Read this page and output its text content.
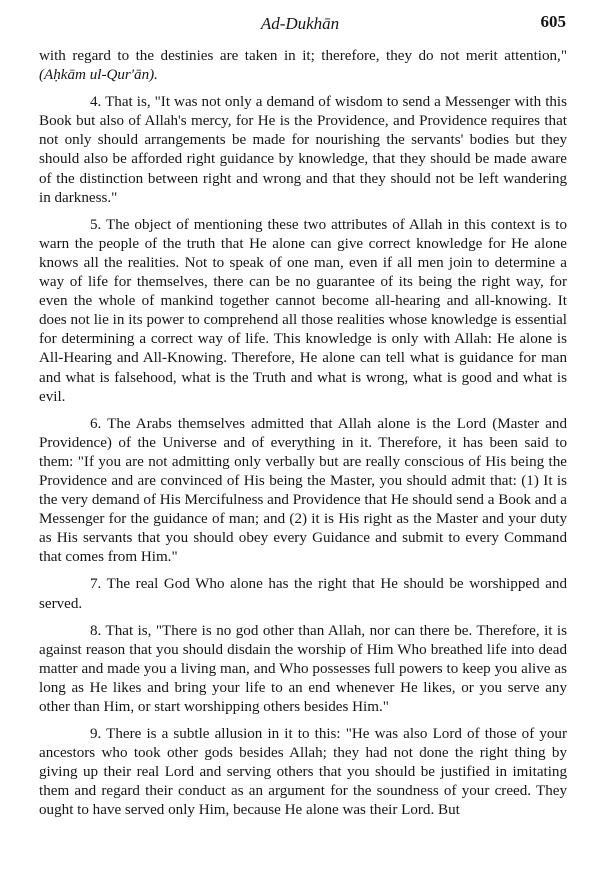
Ad-Dukhān	605

with regard to the destinies are taken in it; therefore, they do not merit attention," (Aḥkām ul-Qur'ān).

4. That is, "It was not only a demand of wisdom to send a Messenger with this Book but also of Allah's mercy, for He is the Providence, and Providence requires that not only should arrangements be made for nourishing the servants' bodies but they should also be afforded right guidance by knowledge, that they should be made aware of the distinction between right and wrong and that they should not be left wandering in darkness."

5. The object of mentioning these two attributes of Allah in this context is to warn the people of the truth that He alone can give correct knowledge for He alone knows all the realities. Not to speak of one man, even if all men join to determine a way of life for themselves, there can be no guarantee of its being the right way, for even the whole of mankind together cannot become all-hearing and all-knowing. It does not lie in its power to comprehend all those realities whose knowledge is essential for determining a correct way of life. This knowledge is only with Allah: He alone is All-Hearing and All-Knowing. Therefore, He alone can tell what is guidance for man and what is falsehood, what is the Truth and what is wrong, what is good and what is evil.

6. The Arabs themselves admitted that Allah alone is the Lord (Master and Providence) of the Universe and of everything in it. Therefore, it has been said to them: "If you are not admitting only verbally but are really conscious of His being the Providence and are convinced of His being the Master, you should admit that: (1) It is the very demand of His Mercifulness and Providence that He should send a Book and a Messenger for the guidance of man; and (2) it is His right as the Master and your duty as His servants that you should obey every Guidance and submit to every Command that comes from Him."

7. The real God Who alone has the right that He should be worshipped and served.

8. That is, "There is no god other than Allah, nor can there be. Therefore, it is against reason that you should disdain the worship of Him Who breathed life into dead matter and made you a living man, and Who possesses full powers to keep you alive as long as He likes and bring your life to an end whenever He likes, or you serve any other than Him, or start worshipping others besides Him."

9. There is a subtle allusion in it to this: "He was also Lord of those of your ancestors who took other gods besides Allah; they had not done the right thing by giving up their real Lord and serving others that you should be justified in imitating them and regard their conduct as an argument for the soundness of your creed. They ought to have served only Him, because He alone was their Lord. But
